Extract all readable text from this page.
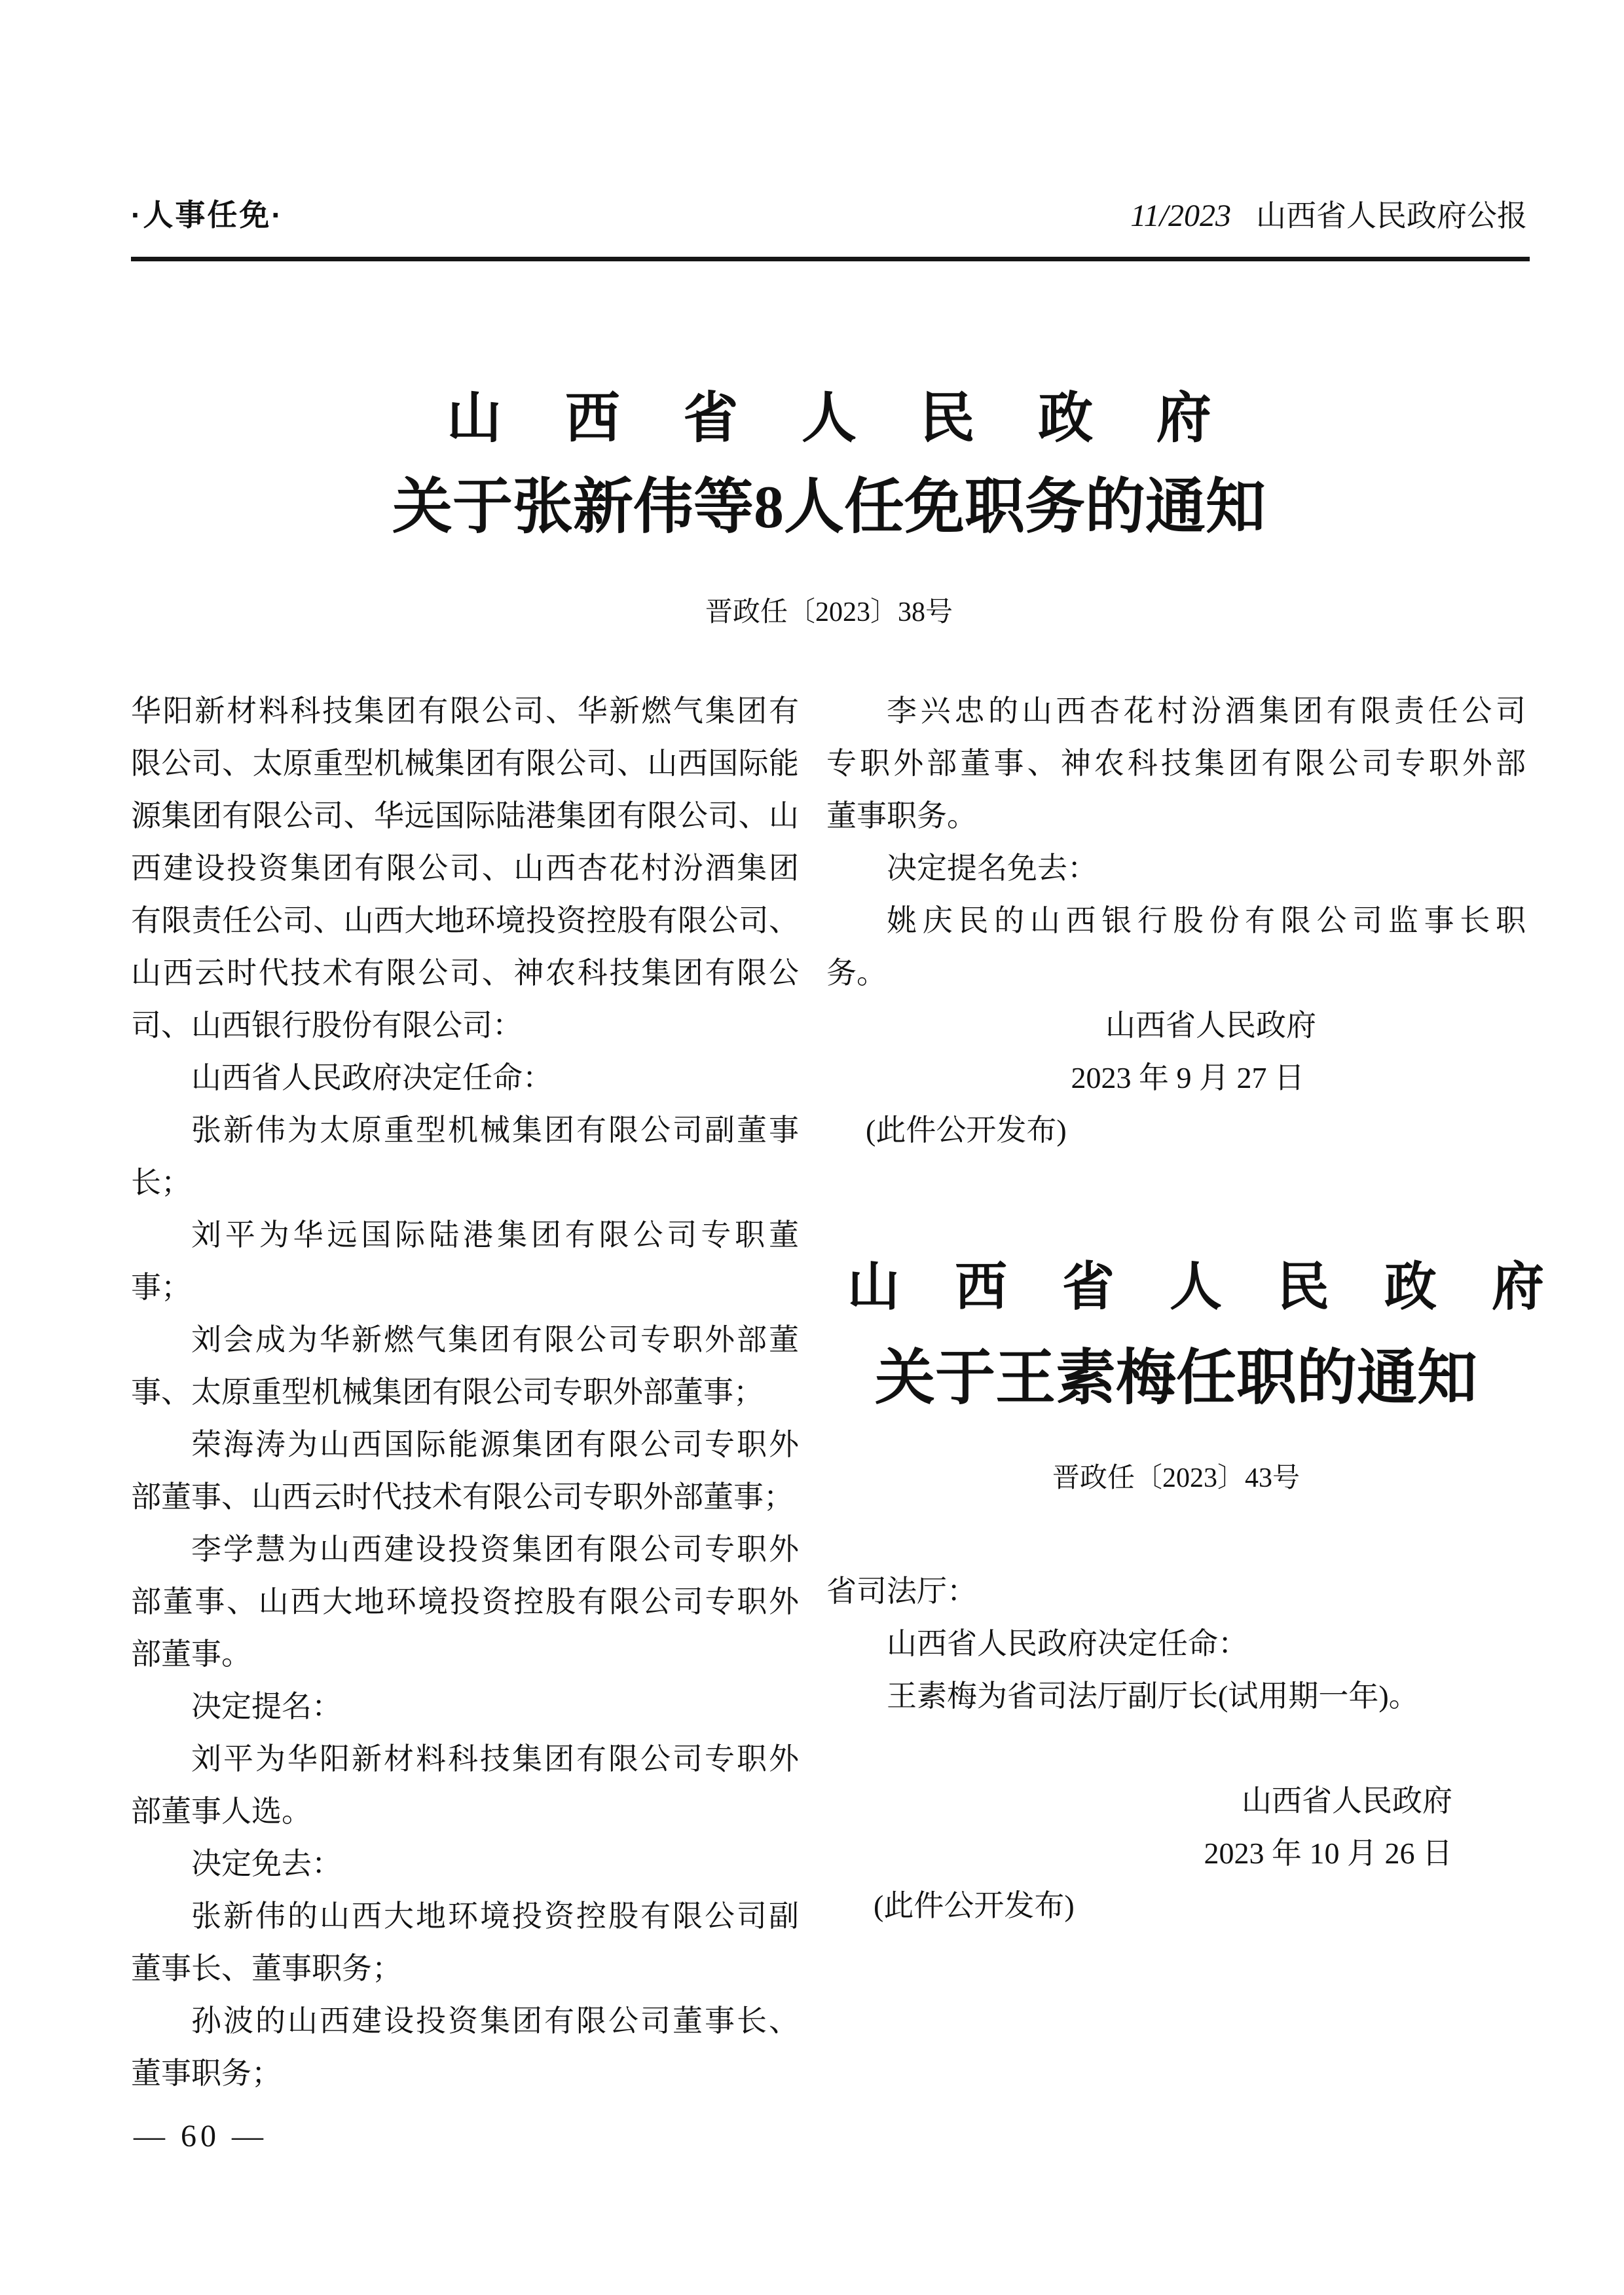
·人事任免·	11/2023 山西省人民政府公报
山 西 省 人 民 政 府
关于张新伟等8人任免职务的通知
晋政任〔2023〕38号
华阳新材料科技集团有限公司、华新燃气集团有
限公司、太原重型机械集团有限公司、山西国际能
源集团有限公司、华远国际陆港集团有限公司、山
西建设投资集团有限公司、山西杏花村汾酒集团
有限责任公司、山西大地环境投资控股有限公司、
山西云时代技术有限公司、神农科技集团有限公
司、山西银行股份有限公司：
山西省人民政府决定任命：
张新伟为太原重型机械集团有限公司副董事
长；
刘平为华远国际陆港集团有限公司专职董
事；
刘会成为华新燃气集团有限公司专职外部董
事、太原重型机械集团有限公司专职外部董事；
荣海涛为山西国际能源集团有限公司专职外
部董事、山西云时代技术有限公司专职外部董事；
李学慧为山西建设投资集团有限公司专职外
部董事、山西大地环境投资控股有限公司专职外
部董事。
决定提名：
刘平为华阳新材料科技集团有限公司专职外
部董事人选。
决定免去：
张新伟的山西大地环境投资控股有限公司副
董事长、董事职务；
孙波的山西建设投资集团有限公司董事长、
董事职务；
李兴忠的山西杏花村汾酒集团有限责任公司
专职外部董事、神农科技集团有限公司专职外部
董事职务。
决定提名免去：
姚庆民的山西银行股份有限公司监事长职
务。
山西省人民政府
2023 年 9 月 27 日
(此件公开发布)
山 西 省 人 民 政 府
关于王素梅任职的通知
晋政任〔2023〕43号
省司法厅：
山西省人民政府决定任命：
王素梅为省司法厅副厅长(试用期一年)。
山西省人民政府
2023 年 10 月 26 日
(此件公开发布)
— 60 —
